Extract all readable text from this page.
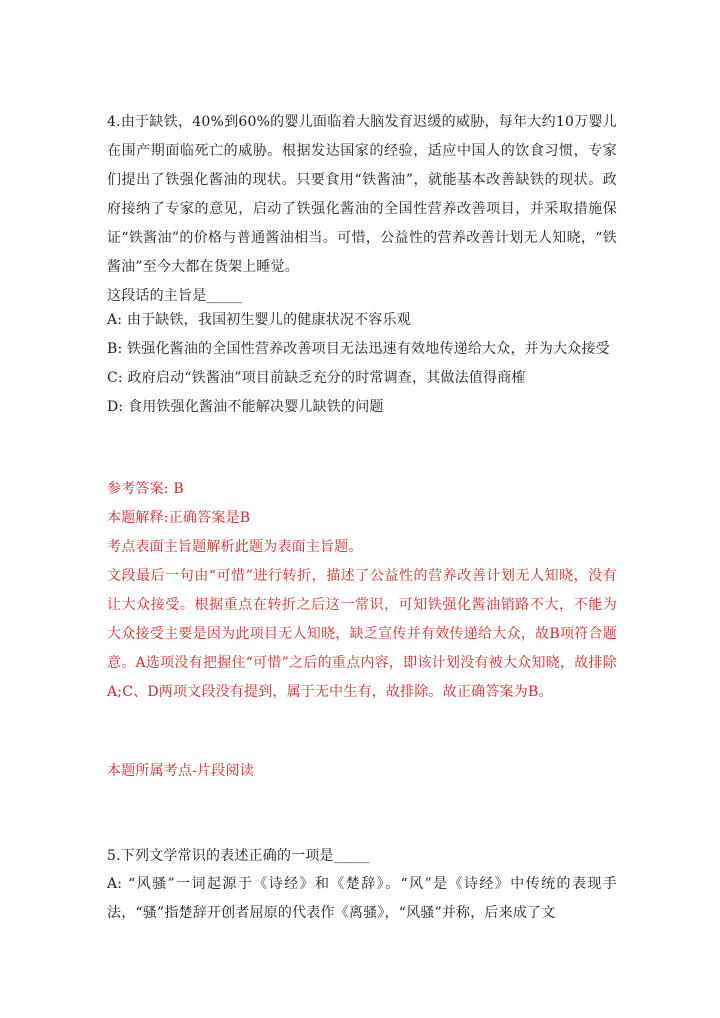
4.由于缺铁，40%到60%的婴儿面临着大脑发育迟缓的威胁，每年大约10万婴儿在围产期面临死亡的威胁。根据发达国家的经验，适应中国人的饮食习惯，专家们提出了铁强化酱油的现状。只要食用“铁酱油”，就能基本改善缺铁的现状。政府接纳了专家的意见，启动了铁强化酱油的全国性营养改善项目，并采取措施保证“铁酱油”的价格与普通酱油相当。可惜，公益性的营养改善计划无人知晓，“铁酱油”至今大都在货架上睡觉。
这段话的主旨是_____
A: 由于缺铁，我国初生婴儿的健康状况不容乐观
B: 铁强化酱油的全国性营养改善项目无法迅速有效地传递给大众，并为大众接受
C: 政府启动“铁酱油”项目前缺乏充分的时常调查，其做法值得商榷
D: 食用铁强化酱油不能解决婴儿缺铁的问题
参考答案: B
本题解释:正确答案是B
考点表面主旨题解析此题为表面主旨题。
文段最后一句由“可惜”进行转折，描述了公益性的营养改善计划无人知晓，没有让大众接受。根据重点在转折之后这一常识，可知铁强化酱油销路不大，不能为大众接受主要是因为此项目无人知晓，缺乏宣传并有效传递给大众，故B项符合题意。A选项没有把握住“可惜”之后的重点内容，即该计划没有被大众知晓，故排除A;C、D两项文段没有提到，属于无中生有，故排除。故正确答案为B。
本题所属考点-片段阅读
5.下列文学常识的表述正确的一项是_____
A: “风骚”一词起源于《诗经》和《楚辞》。“风”是《诗经》中传统的表现手法，“骚”指楚辞开创者屈原的代表作《离骚》，“风骚”并称，后来成了文
